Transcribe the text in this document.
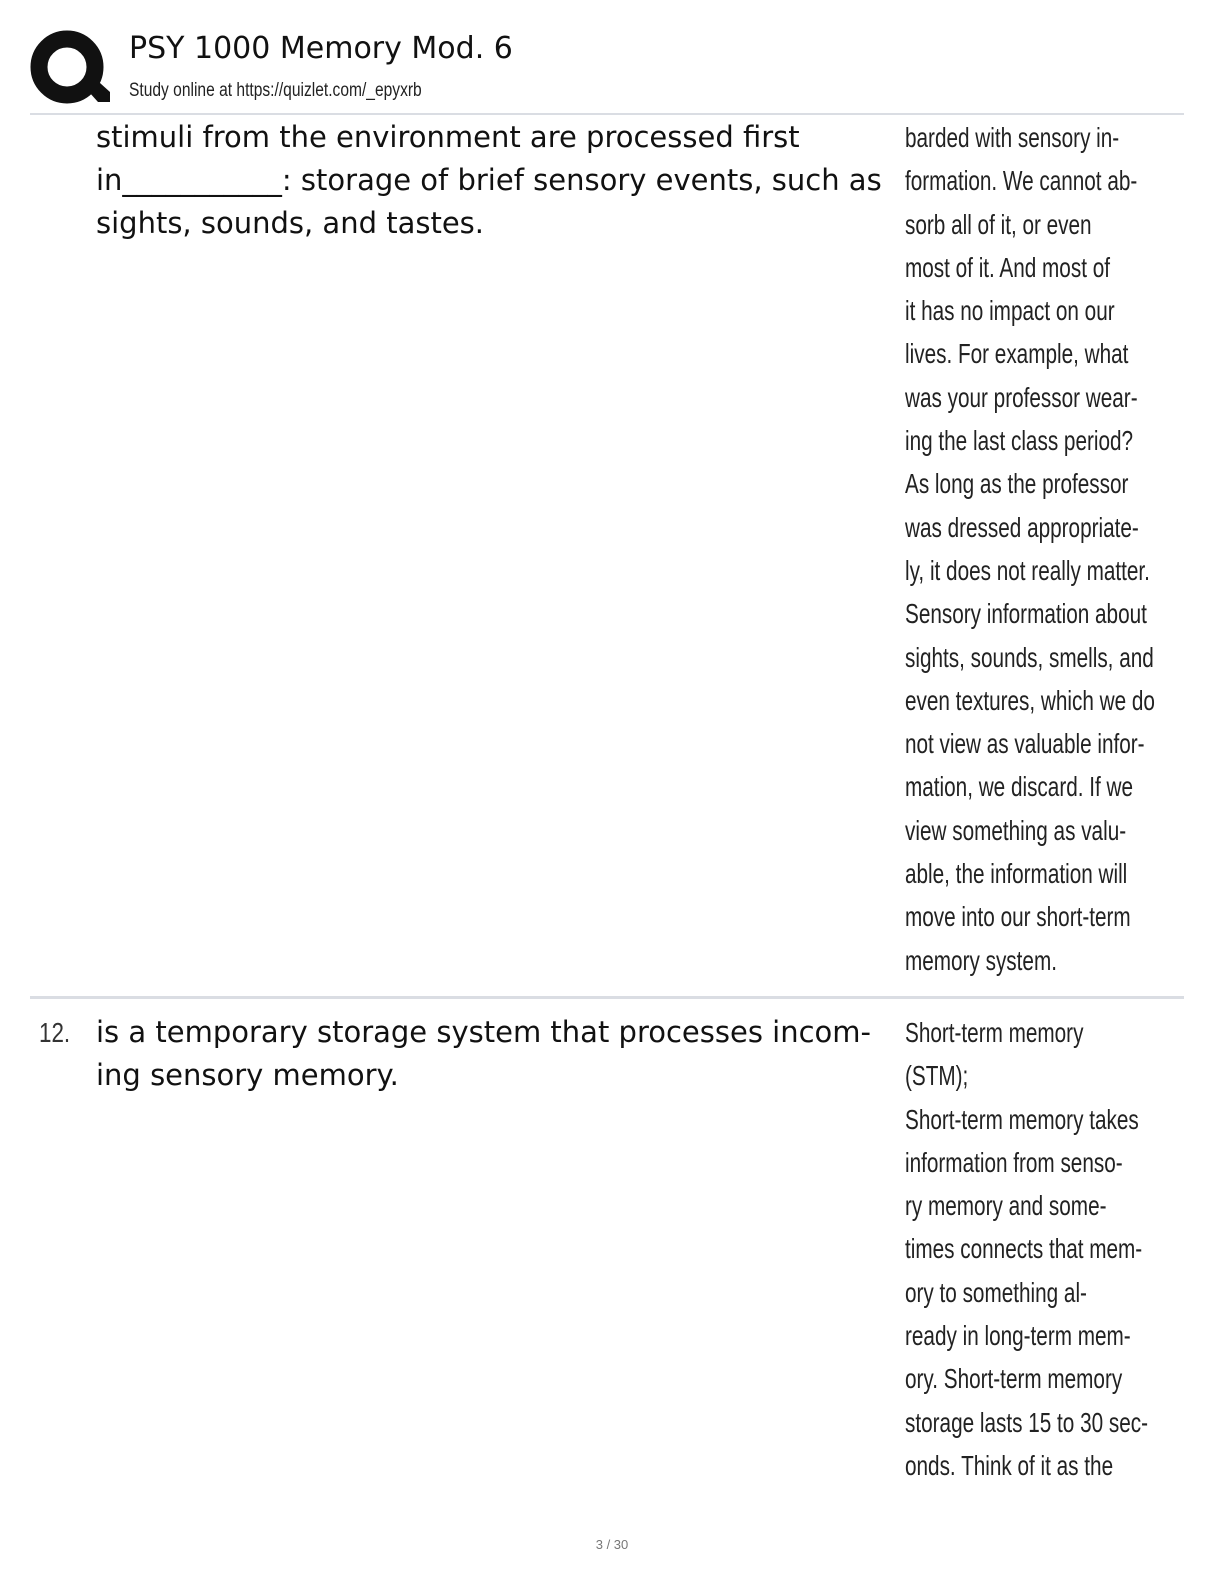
PSY 1000 Memory Mod. 6
Study online at https://quizlet.com/_epyxrb
stimuli from the environment are processed first
in___________: storage of brief sensory events, such as
sights, sounds, and tastes.
barded with sensory in-
formation. We cannot ab-
sorb all of it, or even
most of it. And most of
it has no impact on our
lives. For example, what
was your professor wear-
ing the last class period?
As long as the professor
was dressed appropriate-
ly, it does not really matter.
Sensory information about
sights, sounds, smells, and
even textures, which we do
not view as valuable infor-
mation, we discard. If we
view something as valu-
able, the information will
move into our short-term
memory system.
12. is a temporary storage system that processes incom-
ing sensory memory.
Short-term memory
(STM);
Short-term memory takes
information from senso-
ry memory and some-
times connects that mem-
ory to something al-
ready in long-term mem-
ory. Short-term memory
storage lasts 15 to 30 sec-
onds. Think of it as the
3 / 30
